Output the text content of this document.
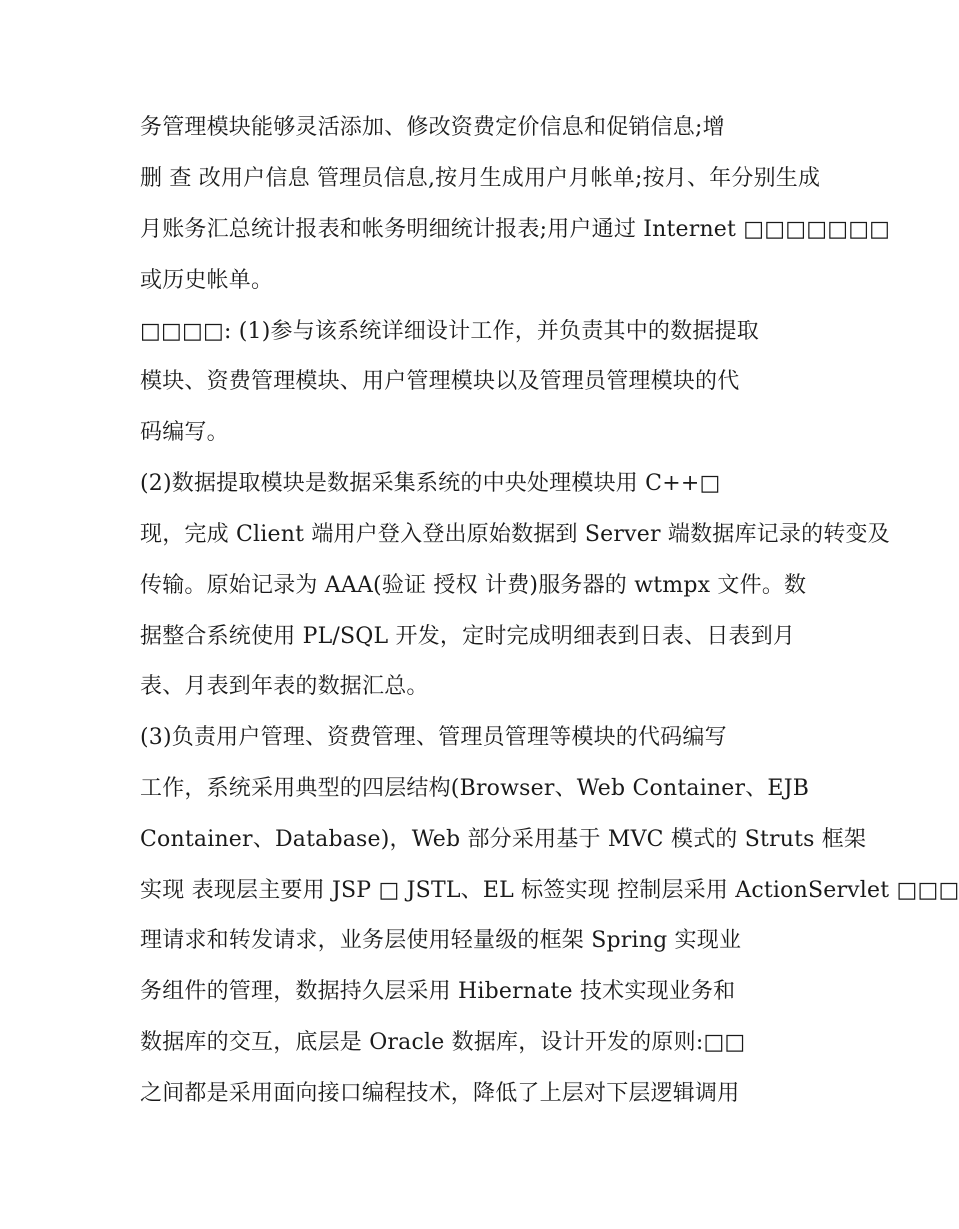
务管理模块能够灵活添加、修改资费定价信息和促销信息;增
删 查 改用户信息 管理员信息,按月生成用户月帐单;按月、年分别生成
月账务汇总统计报表和帐务明细统计报表;用户通过 Internet □□□□□□□
或历史帐单。
□□□□: (1)参与该系统详细设计工作，并负责其中的数据提取
模块、资费管理模块、用户管理模块以及管理员管理模块的代
码编写。
(2)数据提取模块是数据采集系统的中央处理模块用 C++□
现，完成 Client 端用户登入登出原始数据到 Server 端数据库记录的转变及
传输。原始记录为 AAA(验证 授权 计费)服务器的 wtmpx 文件。数
据整合系统使用 PL/SQL 开发，定时完成明细表到日表、日表到月
表、月表到年表的数据汇总。
(3)负责用户管理、资费管理、管理员管理等模块的代码编写
工作，系统采用典型的四层结构(Browser、Web Container、EJB
Container、Database)，Web 部分采用基于 MVC 模式的 Struts 框架
实现 表现层主要用 JSP □ JSTL、EL 标签实现 控制层采用 ActionServlet □□□
理请求和转发请求，业务层使用轻量级的框架 Spring 实现业
务组件的管理，数据持久层采用 Hibernate 技术实现业务和
数据库的交互，底层是 Oracle 数据库，设计开发的原则:□□
之间都是采用面向接口编程技术，降低了上层对下层逻辑调用
